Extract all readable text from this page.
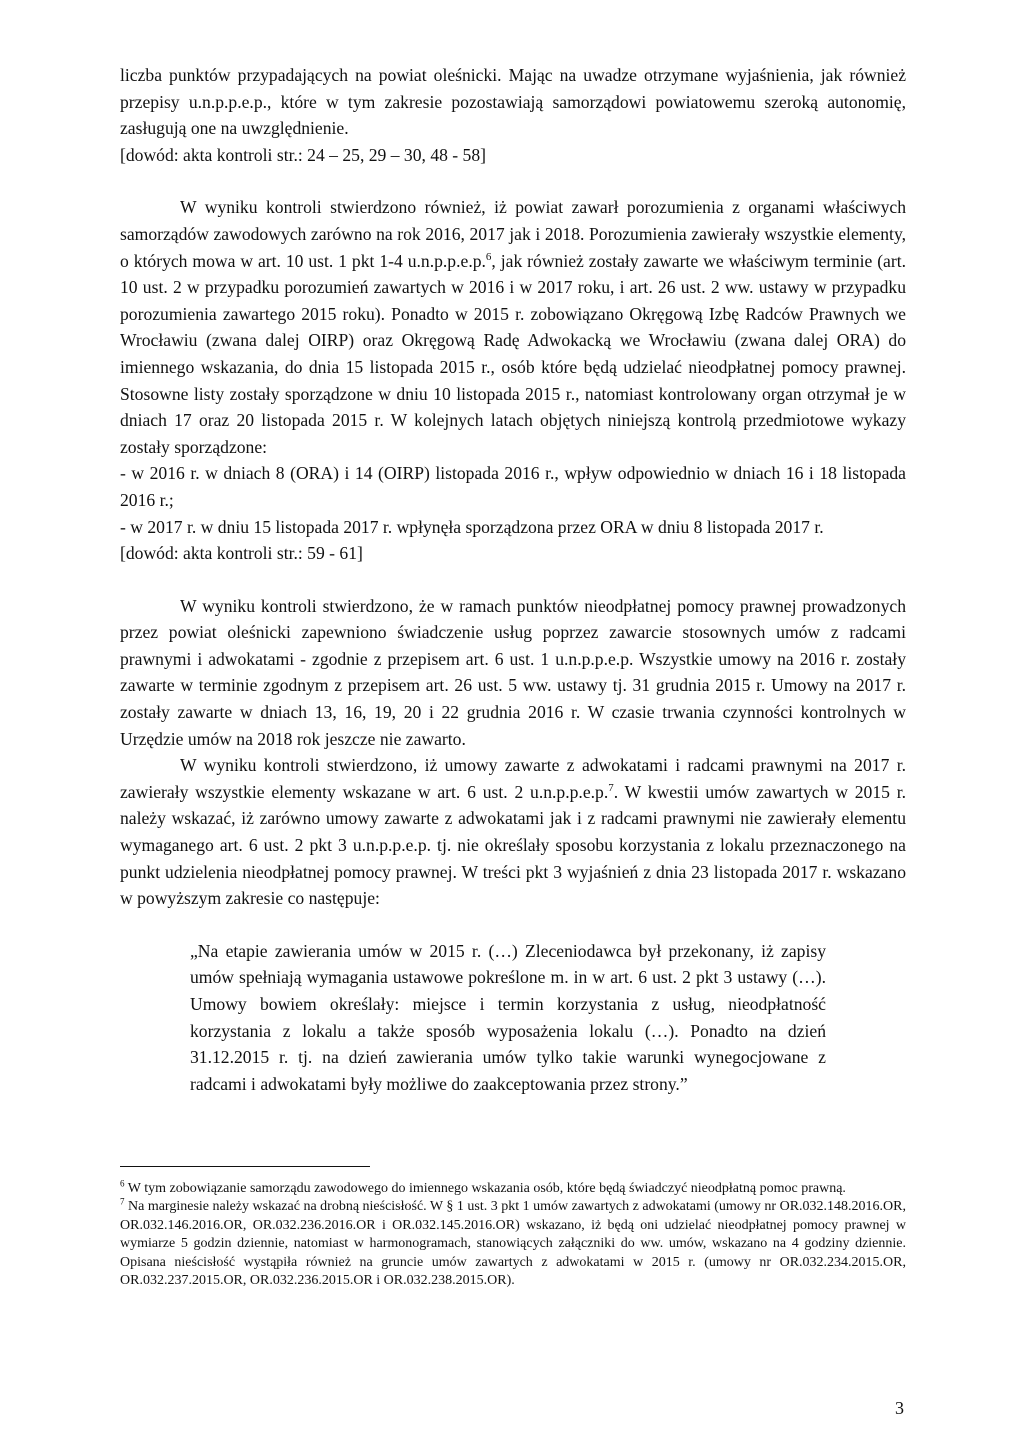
liczba punktów przypadających na powiat oleśnicki. Mając na uwadze otrzymane wyjaśnienia, jak również przepisy u.n.p.p.e.p., które w tym zakresie pozostawiają samorządowi powiatowemu szeroką autonomię, zasługują one na uwzględnienie.

[dowód: akta kontroli str.: 24 – 25, 29 – 30, 48 - 58]

W wyniku kontroli stwierdzono również, iż powiat zawarł porozumienia z organami właściwych samorządów zawodowych zarówno na rok 2016, 2017 jak i 2018. Porozumienia zawierały wszystkie elementy, o których mowa w art. 10 ust. 1 pkt 1-4 u.n.p.p.e.p.$^6$, jak również zostały zawarte we właściwym terminie (art. 10 ust. 2 w przypadku porozumień zawartych w 2016 i w 2017 roku, i art. 26 ust. 2 ww. ustawy w przypadku porozumienia zawartego 2015 roku). Ponadto w 2015 r. zobowiązano Okręgową Izbę Radców Prawnych we Wrocławiu (zwana dalej OIRP) oraz Okręgową Radę Adwokacką we Wrocławiu (zwana dalej ORA) do imiennego wskazania, do dnia 15 listopada 2015 r., osób które będą udzielać nieodpłatnej pomocy prawnej. Stosowne listy zostały sporządzone w dniu 10 listopada 2015 r., natomiast kontrolowany organ otrzymał je w dniach 17 oraz 20 listopada 2015 r. W kolejnych latach objętych niniejszą kontrolą przedmiotowe wykazy zostały sporządzone:

- w 2016 r. w dniach 8 (ORA) i 14 (OIRP) listopada 2016 r., wpływ odpowiednio w dniach 16 i 18 listopada 2016 r.;

- w 2017 r. w dniu 15 listopada 2017 r. wpłynęła sporządzona przez ORA w dniu 8 listopada 2017 r.

[dowód: akta kontroli str.: 59 - 61]

W wyniku kontroli stwierdzono, że w ramach punktów nieodpłatnej pomocy prawnej prowadzonych przez powiat oleśnicki zapewniono świadczenie usług poprzez zawarcie stosownych umów z radcami prawnymi i adwokatami - zgodnie z przepisem art. 6 ust. 1 u.n.p.p.e.p. Wszystkie umowy na 2016 r. zostały zawarte w terminie zgodnym z przepisem art. 26 ust. 5 ww. ustawy tj. 31 grudnia 2015 r. Umowy na 2017 r. zostały zawarte w dniach 13, 16, 19, 20 i 22 grudnia 2016 r. W czasie trwania czynności kontrolnych w Urzędzie umów na 2018 rok jeszcze nie zawarto.

W wyniku kontroli stwierdzono, iż umowy zawarte z adwokatami i radcami prawnymi na 2017 r. zawierały wszystkie elementy wskazane w art. 6 ust. 2 u.n.p.p.e.p.$^7$. W kwestii umów zawartych w 2015 r. należy wskazać, iż zarówno umowy zawarte z adwokatami jak i z radcami prawnymi nie zawierały elementu wymaganego art. 6 ust. 2 pkt 3 u.n.p.p.e.p. tj. nie określały sposobu korzystania z lokalu przeznaczonego na punkt udzielenia nieodpłatnej pomocy prawnej. W treści pkt 3 wyjaśnień z dnia 23 listopada 2017 r. wskazano w powyższym zakresie co następuje:

„Na etapie zawierania umów w 2015 r. (…) Zleceniodawca był przekonany, iż zapisy umów spełniają wymagania ustawowe pokreślone m. in w art. 6 ust. 2 pkt 3 ustawy (…). Umowy bowiem określały: miejsce i termin korzystania z usług, nieodpłatność korzystania z lokalu a także sposób wyposażenia lokalu (…). Ponadto na dzień 31.12.2015 r. tj. na dzień zawierania umów tylko takie warunki wynegocjowane z radcami i adwokatami były możliwe do zaakceptowania przez strony.”

$^6$ W tym zobowiązanie samorządu zawodowego do imiennego wskazania osób, które będą świadczyć nieodpłatną pomoc prawną.

$^7$ Na marginesie należy wskazać na drobną nieścisłość. W § 1 ust. 3 pkt 1 umów zawartych z adwokatami (umowy nr OR.032.148.2016.OR, OR.032.146.2016.OR, OR.032.236.2016.OR i OR.032.145.2016.OR) wskazano, iż będą oni udzielać nieodpłatnej pomocy prawnej w wymiarze 5 godzin dziennie, natomiast w harmonogramach, stanowiących załączniki do ww. umów, wskazano na 4 godziny dziennie. Opisana nieścisłość wystąpiła również na gruncie umów zawartych z adwokatami w 2015 r. (umowy nr OR.032.234.2015.OR, OR.032.237.2015.OR, OR.032.236.2015.OR i OR.032.238.2015.OR).

3
